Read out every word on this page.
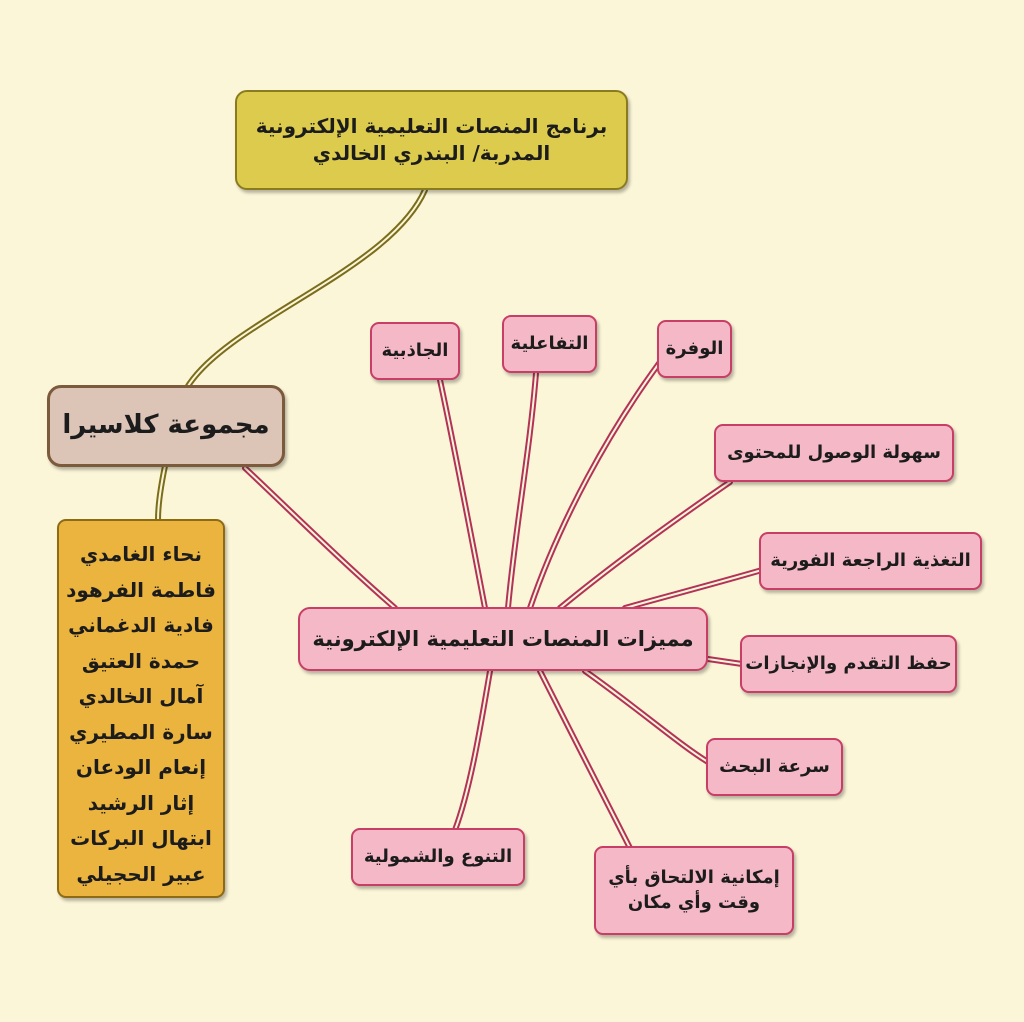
برنامج المنصات التعليمية الإلكترونية
المدربة/ البندري الخالدي
مجموعة كلاسيرا
نحاء الغامدي
فاطمة الفرهود
فادية الدغماني
حمدة العتيق
آمال الخالدي
سارة المطيري
إنعام الودعان
إثار الرشيد
ابتهال البركات
عبير الحجيلي
مميزات المنصات التعليمية الإلكترونية
الجاذبية	التفاعلية	الوفرة
سهولة الوصول للمحتوى
التغذية الراجعة الفورية
حفظ التقدم والإنجازات
سرعة البحث
التنوع والشمولية
إمكانية الالتحاق بأي
وقت وأي مكان
